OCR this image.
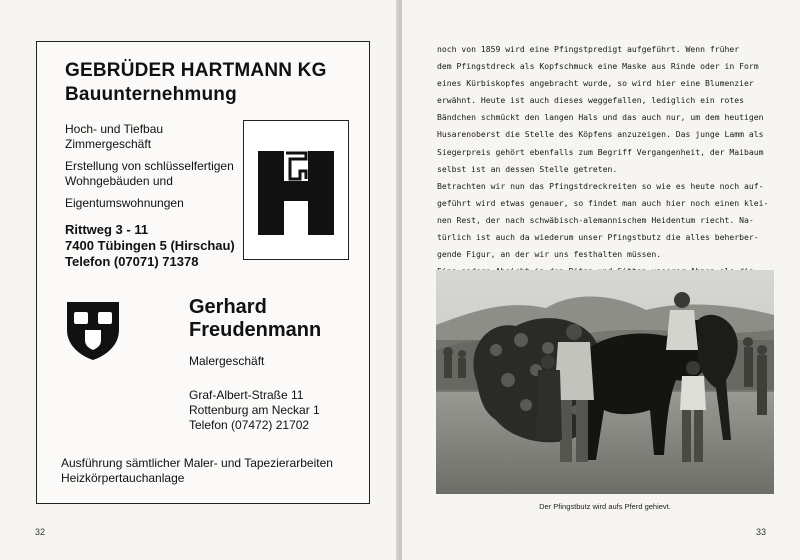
GEBRÜDER HARTMANN KG
Bauunternehmung
Hoch- und Tiefbau
Zimmergeschäft
Erstellung von schlüsselfertigen
Wohngebäuden und
Eigentumswohnungen
Rittweg 3 - 11
7400 Tübingen 5 (Hirschau)
Telefon (07071) 71378
Gerhard
Freudenmann
Malergeschäft
Graf-Albert-Straße 11
Rottenburg am Neckar 1
Telefon (07472) 21702
Ausführung sämtlicher Maler- und Tapezierarbeiten
Heizkörpertauchanlage
32
noch von 1859 wird eine Pfingstpredigt aufgeführt. Wenn früher
dem Pfingstdreck als Kopfschmuck eine Maske aus Rinde oder in Form
eines Kürbiskopfes angebracht wurde, so wird hier eine Blumenzier
erwähnt. Heute ist auch dieses weggefallen, lediglich ein rotes
Bändchen schmückt den langen Hals und das auch nur, um dem heutigen
Husarenoberst die Stelle des Köpfens anzuzeigen. Das junge Lamm als
Siegerpreis gehört ebenfalls zum Begriff Vergangenheit, der Maibaum
selbst ist an dessen Stelle getreten.
Betrachten wir nun das Pfingstdreckreiten so wie es heute noch auf-
geführt wird etwas genauer, so findet man auch hier noch einen klei-
nen Rest, der nach schwäbisch-alemannischem Heidentum riecht. Na-
türlich ist auch da wiederum unser Pfingstbutz die alles beherber-
gende Figur, an der wir uns festhalten müssen.
Der Pfingstbutz wird aufs Pferd gehievt.
33
